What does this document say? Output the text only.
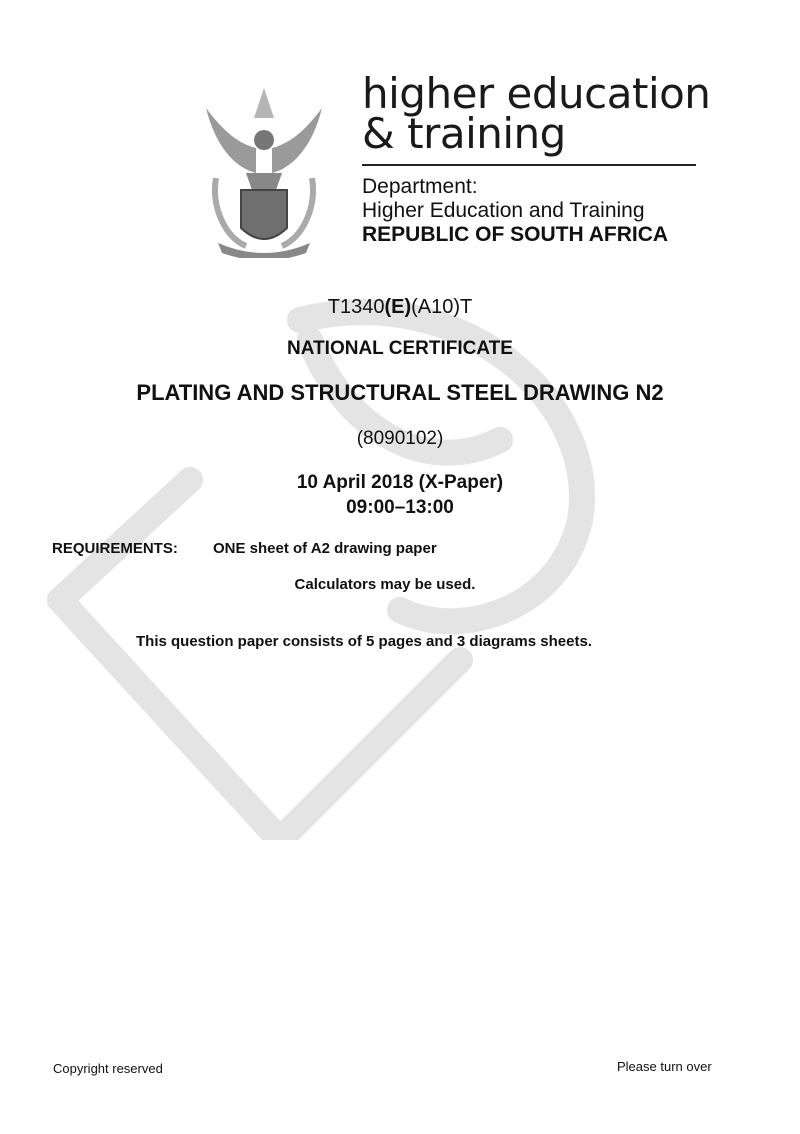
higher education
& training
Department:
Higher Education and Training
REPUBLIC OF SOUTH AFRICA
T1340(E)(A10)T
NATIONAL CERTIFICATE
PLATING AND STRUCTURAL STEEL DRAWING N2
(8090102)
10 April 2018 (X-Paper)
09:00–13:00
REQUIREMENTS: ONE sheet of A2 drawing paper
Calculators may be used.
This question paper consists of 5 pages and 3 diagrams sheets.
Copyright reserved	Please turn over
